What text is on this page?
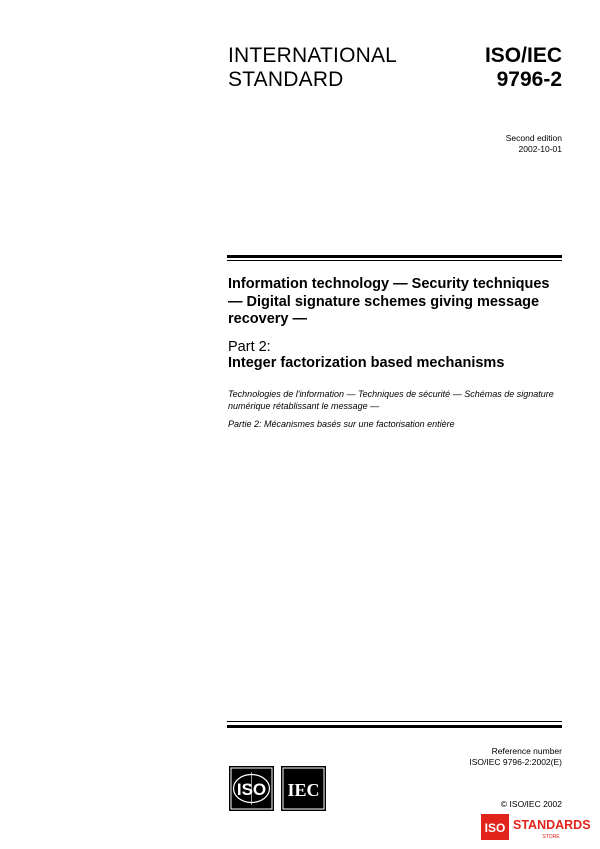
INTERNATIONAL
STANDARD
ISO/IEC
9796-2
Second edition
2002-10-01
Information technology — Security techniques — Digital signature schemes giving message recovery —
Part 2:
Integer factorization based mechanisms
Technologies de l'information — Techniques de sécurité — Schémas de signature numérique rétablissant le message —
Partie 2: Mécanismes basés sur une factorisation entière
Reference number
ISO/IEC 9796-2:2002(E)
ISO IEC
© ISO/IEC 2002
ISO STANDARDS
STORE
